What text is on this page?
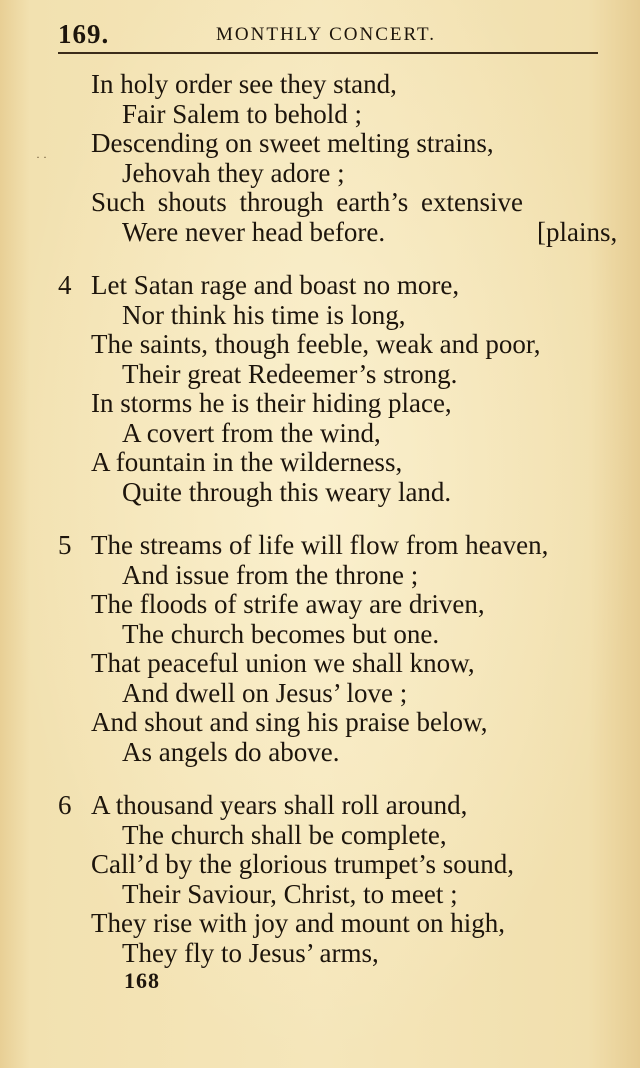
169.	MONTHLY CONCERT.
· ·
In holy order see they stand,
Fair Salem to behold ;
Descending on sweet melting strains,
Jehovah they adore ;
Such shouts through earth’s extensive
Were never head before.	[plains,
4 Let Satan rage and boast no more,
Nor think his time is long,
The saints, though feeble, weak and poor,
Their great Redeemer’s strong.
In storms he is their hiding place,
A covert from the wind,
A fountain in the wilderness,
Quite through this weary land.
5 The streams of life will flow from heaven,
And issue from the throne ;
The floods of strife away are driven,
The church becomes but one.
That peaceful union we shall know,
And dwell on Jesus’ love ;
And shout and sing his praise below,
As angels do above.
6 A thousand years shall roll around,
The church shall be complete,
Call’d by the glorious trumpet’s sound,
Their Saviour, Christ, to meet ;
They rise with joy and mount on high,
They fly to Jesus’ arms,
168
